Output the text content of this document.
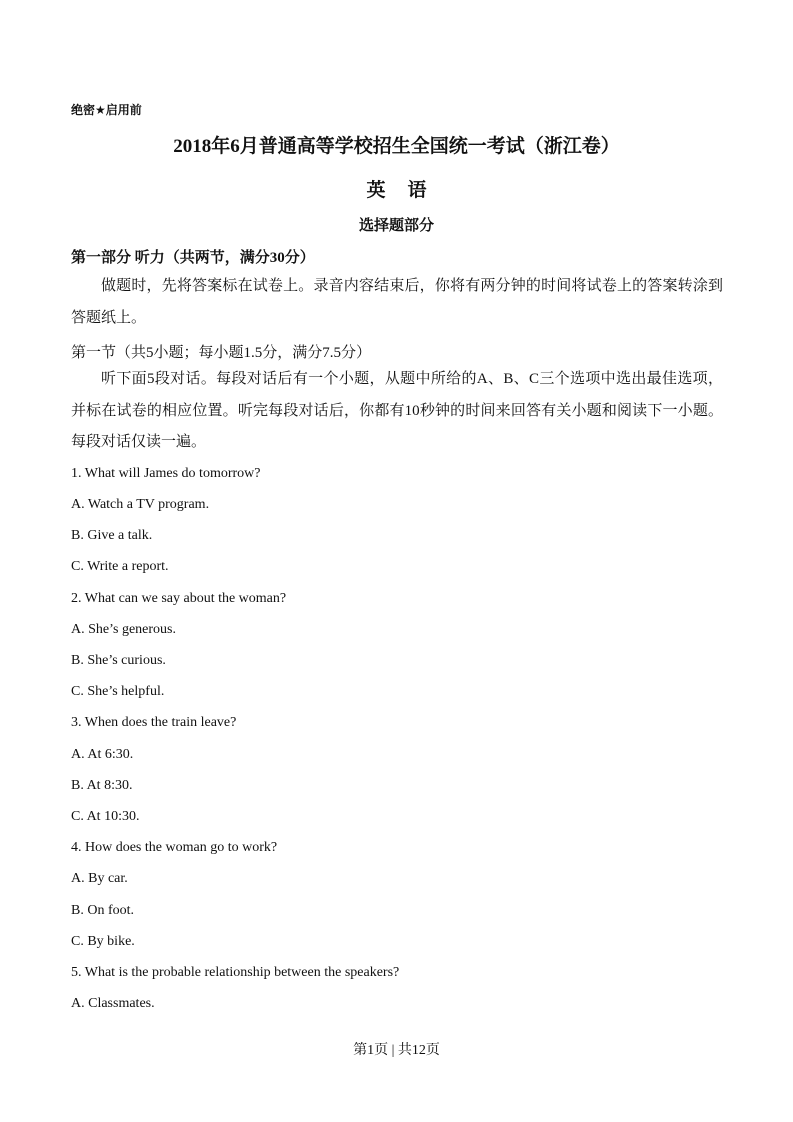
绝密★启用前
2018年6月普通高等学校招生全国统一考试（浙江卷）
英语
选择题部分
第一部分 听力（共两节，满分30分）
做题时，先将答案标在试卷上。录音内容结束后，你将有两分钟的时间将试卷上的答案转涂到答题纸上。
第一节（共5小题；每小题1.5分，满分7.5分）
听下面5段对话。每段对话后有一个小题，从题中所给的A、B、C三个选项中选出最佳选项，并标在试卷的相应位置。听完每段对话后，你都有10秒钟的时间来回答有关小题和阅读下一小题。每段对话仅读一遍。
1. What will James do tomorrow?
A. Watch a TV program.
B. Give a talk.
C. Write a report.
2. What can we say about the woman?
A. She’s generous.
B. She’s curious.
C. She’s helpful.
3. When does the train leave?
A. At 6:30.
B. At 8:30.
C. At 10:30.
4. How does the woman go to work?
A. By car.
B. On foot.
C. By bike.
5. What is the probable relationship between the speakers?
A. Classmates.
第1页 | 共12页
